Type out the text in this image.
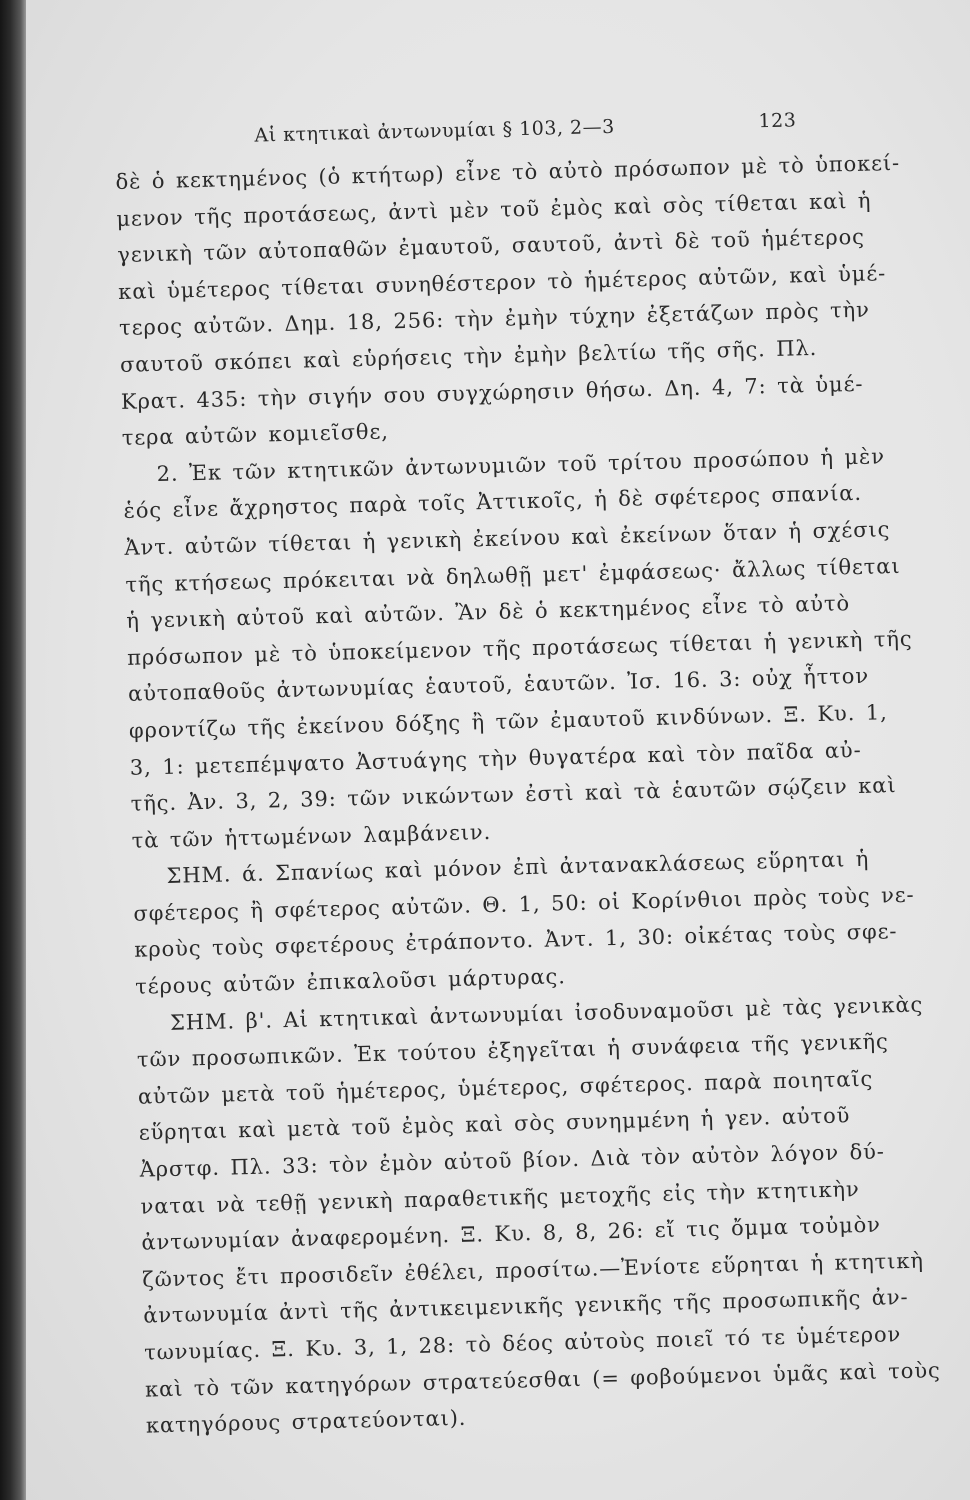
Αἱ κτητικαὶ ἀντωνυμίαι § 103, 2—3	123
δὲ ὁ κεκτημένος (ὁ κτήτωρ) εἶνε τὸ αὐτὸ πρόσωπον μὲ τὸ ὑποκεί-
μενον τῆς προτάσεως, ἀντὶ μὲν τοῦ ἐμὸς καὶ σὸς τίθεται καὶ ἡ
γενικὴ τῶν αὐτοπαθῶν ἐμαυτοῦ, σαυτοῦ, ἀντὶ δὲ τοῦ ἡμέτερος
καὶ ὑμέτερος τίθεται συνηθέστερον τὸ ἡμέτερος αὐτῶν, καὶ ὑμέ-
τερος αὐτῶν. Δημ. 18, 256: τὴν ἐμὴν τύχην ἐξετάζων πρὸς τὴν
σαυτοῦ σκόπει καὶ εὑρήσεις τὴν ἐμὴν βελτίω τῆς σῆς. Πλ.
Κρατ. 435: τὴν σιγήν σου συγχώρησιν θήσω. Δη. 4, 7: τὰ ὑμέ-
τερα αὐτῶν κομιεῖσθε,
2. Ἐκ τῶν κτητικῶν ἀντωνυμιῶν τοῦ τρίτου προσώπου ἡ μὲν
ἑός εἶνε ἄχρηστος παρὰ τοῖς Ἀττικοῖς, ἡ δὲ σφέτερος σπανία.
Ἀντ. αὐτῶν τίθεται ἡ γενικὴ ἐκείνου καὶ ἐκείνων ὅταν ἡ σχέσις
τῆς κτήσεως πρόκειται νὰ δηλωθῇ μετ' ἐμφάσεως· ἄλλως τίθεται
ἡ γενικὴ αὐτοῦ καὶ αὐτῶν. Ἂν δὲ ὁ κεκτημένος εἶνε τὸ αὐτὸ
πρόσωπον μὲ τὸ ὑποκείμενον τῆς προτάσεως τίθεται ἡ γενικὴ τῆς
αὐτοπαθοῦς ἀντωνυμίας ἑαυτοῦ, ἑαυτῶν. Ἰσ. 16. 3: οὐχ ἧττον
φροντίζω τῆς ἐκείνου δόξης ἢ τῶν ἐμαυτοῦ κινδύνων. Ξ. Κυ. 1,
3, 1: μετεπέμψατο Ἀστυάγης τὴν θυγατέρα καὶ τὸν παῖδα αὐ-
τῆς. Ἀν. 3, 2, 39: τῶν νικώντων ἐστὶ καὶ τὰ ἑαυτῶν σῴζειν καὶ
τὰ τῶν ἡττωμένων λαμβάνειν.
ΣΗΜ. ά. Σπανίως καὶ μόνον ἐπὶ ἀντανακλάσεως εὕρηται ἡ
σφέτερος ἢ σφέτερος αὐτῶν. Θ. 1, 50: οἱ Κορίνθιοι πρὸς τοὺς νε-
κροὺς τοὺς σφετέρους ἐτράποντο. Ἀντ. 1, 30: οἰκέτας τοὺς σφε-
τέρους αὐτῶν ἐπικαλοῦσι μάρτυρας.
ΣΗΜ. β'. Αἱ κτητικαὶ ἀντωνυμίαι ἰσοδυναμοῦσι μὲ τὰς γενικὰς
τῶν προσωπικῶν. Ἐκ τούτου ἐξηγεῖται ἡ συνάφεια τῆς γενικῆς
αὐτῶν μετὰ τοῦ ἡμέτερος, ὑμέτερος, σφέτερος. παρὰ ποιηταῖς
εὕρηται καὶ μετὰ τοῦ ἐμὸς καὶ σὸς συνημμένη ἡ γεν. αὐτοῦ
Ἀρστφ. Πλ. 33: τὸν ἐμὸν αὐτοῦ βίον. Διὰ τὸν αὐτὸν λόγον δύ-
ναται νὰ τεθῇ γενικὴ παραθετικῆς μετοχῆς εἰς τὴν κτητικὴν
ἀντωνυμίαν ἀναφερομένη. Ξ. Κυ. 8, 8, 26: εἴ τις ὄμμα τοὐμὸν
ζῶντος ἔτι προσιδεῖν ἐθέλει, προσίτω.—Ἐνίοτε εὕρηται ἡ κτητικὴ
ἀντωνυμία ἀντὶ τῆς ἀντικειμενικῆς γενικῆς τῆς προσωπικῆς ἀν-
τωνυμίας. Ξ. Κυ. 3, 1, 28: τὸ δέος αὐτοὺς ποιεῖ τό τε ὑμέτερον
καὶ τὸ τῶν κατηγόρων στρατεύεσθαι (= φοβούμενοι ὑμᾶς καὶ τοὺς
κατηγόρους στρατεύονται).
